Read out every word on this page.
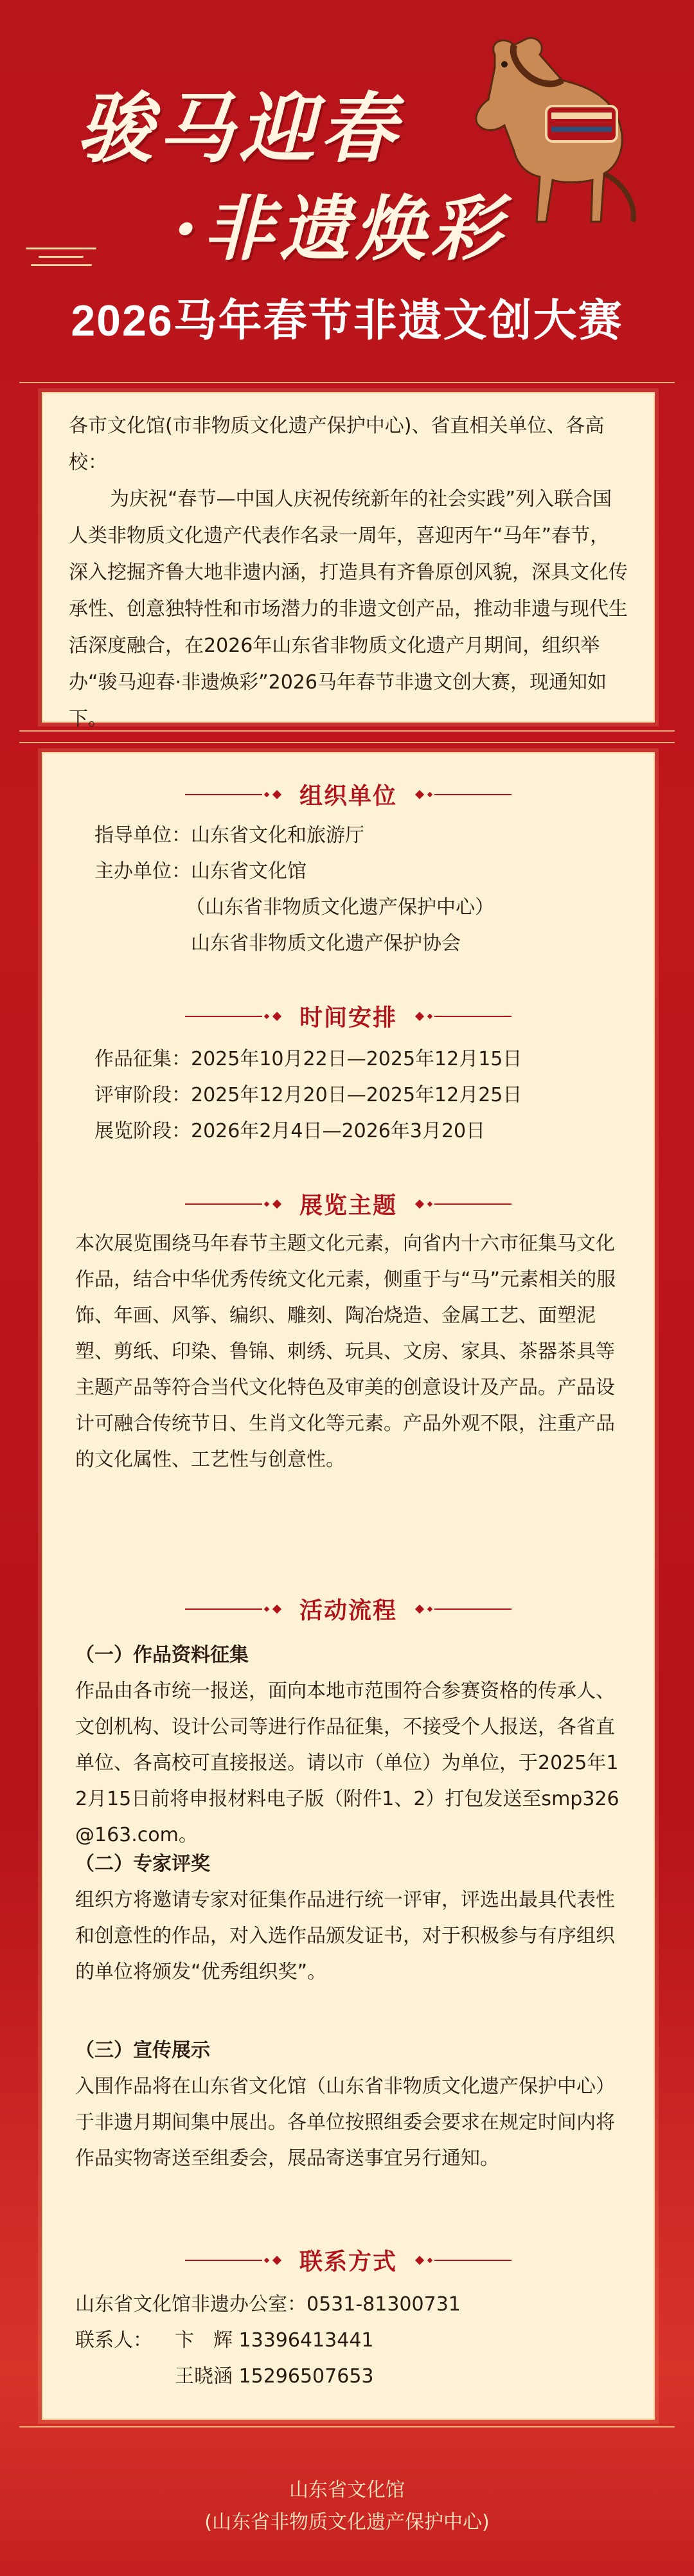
骏马迎春
·非遗焕彩
2026马年春节非遗文创大赛

各市文化馆(市非物质文化遗产保护中心)、省直相关单位、各高校：

为庆祝“春节—中国人庆祝传统新年的社会实践”列入联合国人类非物质文化遗产代表作名录一周年，喜迎丙午“马年”春节，深入挖掘齐鲁大地非遗内涵，打造具有齐鲁原创风貌，深具文化传承性、创意独特性和市场潜力的非遗文创产品，推动非遗与现代生活深度融合，在2026年山东省非物质文化遗产月期间，组织举办“骏马迎春·非遗焕彩”2026马年春节非遗文创大赛，现通知如下。

组织单位
指导单位： 山东省文化和旅游厅
主办单位： 山东省文化馆
（山东省非物质文化遗产保护中心）
山东省非物质文化遗产保护协会
时间安排
作品征集： 2025年10月22日—2025年12月15日
评审阶段： 2025年12月20日—2025年12月25日
展览阶段： 2026年2月4日—2026年3月20日
展览主题
本次展览围绕马年春节主题文化元素，向省内十六市征集马文化作品，结合中华优秀传统文化元素，侧重于与“马”元素相关的服饰、年画、风筝、编织、雕刻、陶冶烧造、金属工艺、面塑泥塑、剪纸、印染、鲁锦、刺绣、玩具、文房、家具、茶器茶具等主题产品等符合当代文化特色及审美的创意设计及产品。产品设计可融合传统节日、生肖文化等元素。产品外观不限，注重产品的文化属性、工艺性与创意性。
活动流程
（一）作品资料征集
作品由各市统一报送，面向本地市范围符合参赛资格的传承人、文创机构、设计公司等进行作品征集，不接受个人报送，各省直单位、各高校可直接报送。请以市（单位）为单位，于2025年12月15日前将申报材料电子版（附件1、2）打包发送至smp326@163.com。
（二）专家评奖
组织方将邀请专家对征集作品进行统一评审，评选出最具代表性和创意性的作品，对入选作品颁发证书，对于积极参与有序组织的单位将颁发“优秀组织奖”。
（三）宣传展示
入围作品将在山东省文化馆（山东省非物质文化遗产保护中心）于非遗月期间集中展出。各单位按照组委会要求在规定时间内将作品实物寄送至组委会，展品寄送事宜另行通知。
联系方式
山东省文化馆非遗办公室：0531-81300731
联系人： 卞　辉 13396413441
王晓涵 15296507653
山东省文化馆
(山东省非物质文化遗产保护中心)
